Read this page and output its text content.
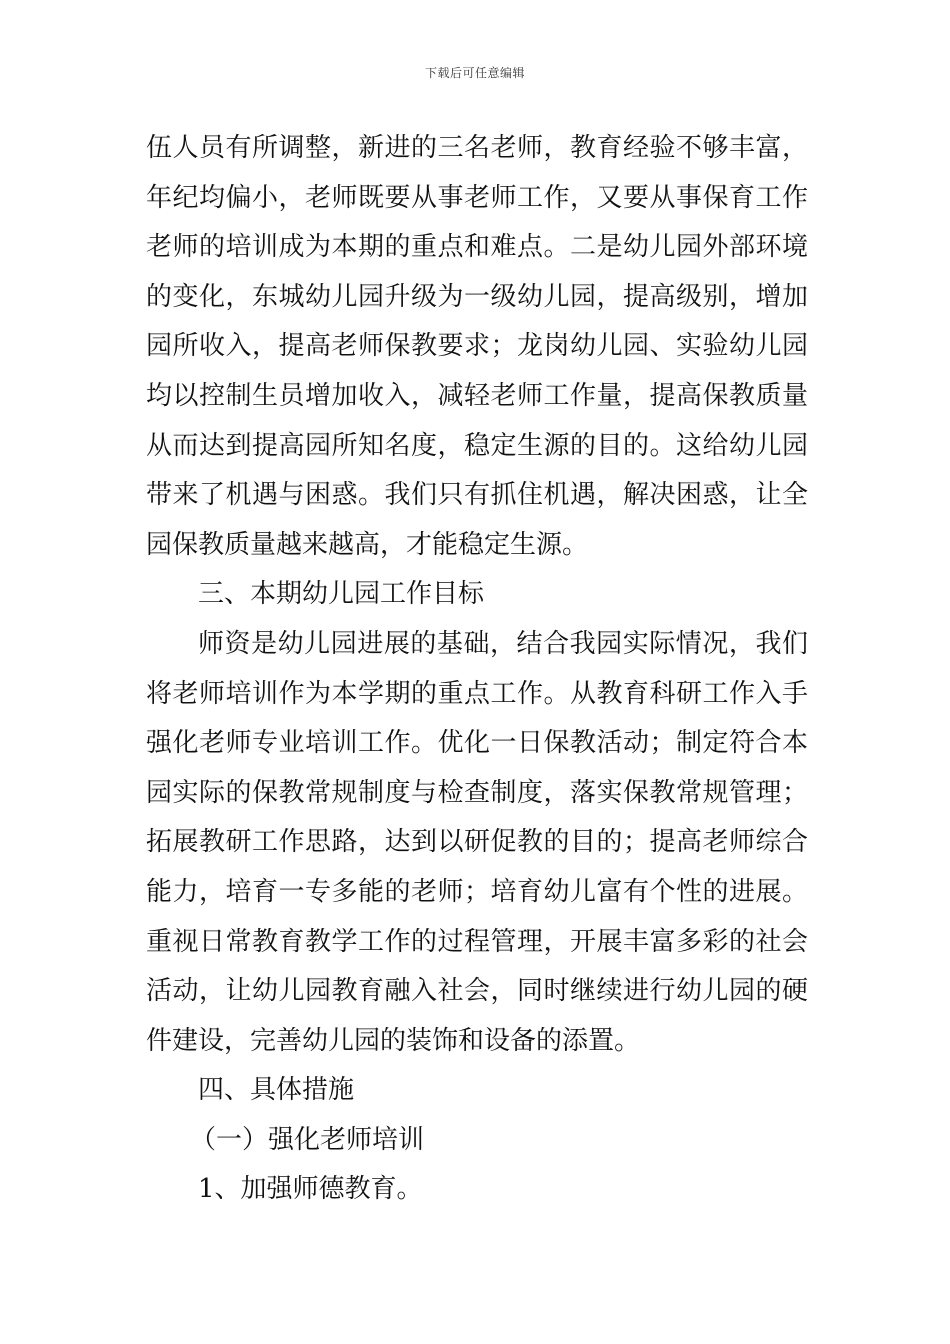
下载后可任意编辑
伍人员有所调整，新进的三名老师，教育经验不够丰富，
年纪均偏小，老师既要从事老师工作，又要从事保育工作
老师的培训成为本期的重点和难点。二是幼儿园外部环境
的变化，东城幼儿园升级为一级幼儿园，提高级别，增加
园所收入，提高老师保教要求；龙岗幼儿园、实验幼儿园
均以控制生员增加收入，减轻老师工作量，提高保教质量
从而达到提高园所知名度，稳定生源的目的。这给幼儿园
带来了机遇与困惑。我们只有抓住机遇，解决困惑，让全
园保教质量越来越高，才能稳定生源。
三、本期幼儿园工作目标
师资是幼儿园进展的基础，结合我园实际情况，我们
将老师培训作为本学期的重点工作。从教育科研工作入手
强化老师专业培训工作。优化一日保教活动；制定符合本
园实际的保教常规制度与检查制度，落实保教常规管理；
拓展教研工作思路，达到以研促教的目的；提高老师综合
能力，培育一专多能的老师；培育幼儿富有个性的进展。
重视日常教育教学工作的过程管理，开展丰富多彩的社会
活动，让幼儿园教育融入社会，同时继续进行幼儿园的硬
件建设，完善幼儿园的装饰和设备的添置。
四、具体措施
（一）强化老师培训
1、加强师德教育。
